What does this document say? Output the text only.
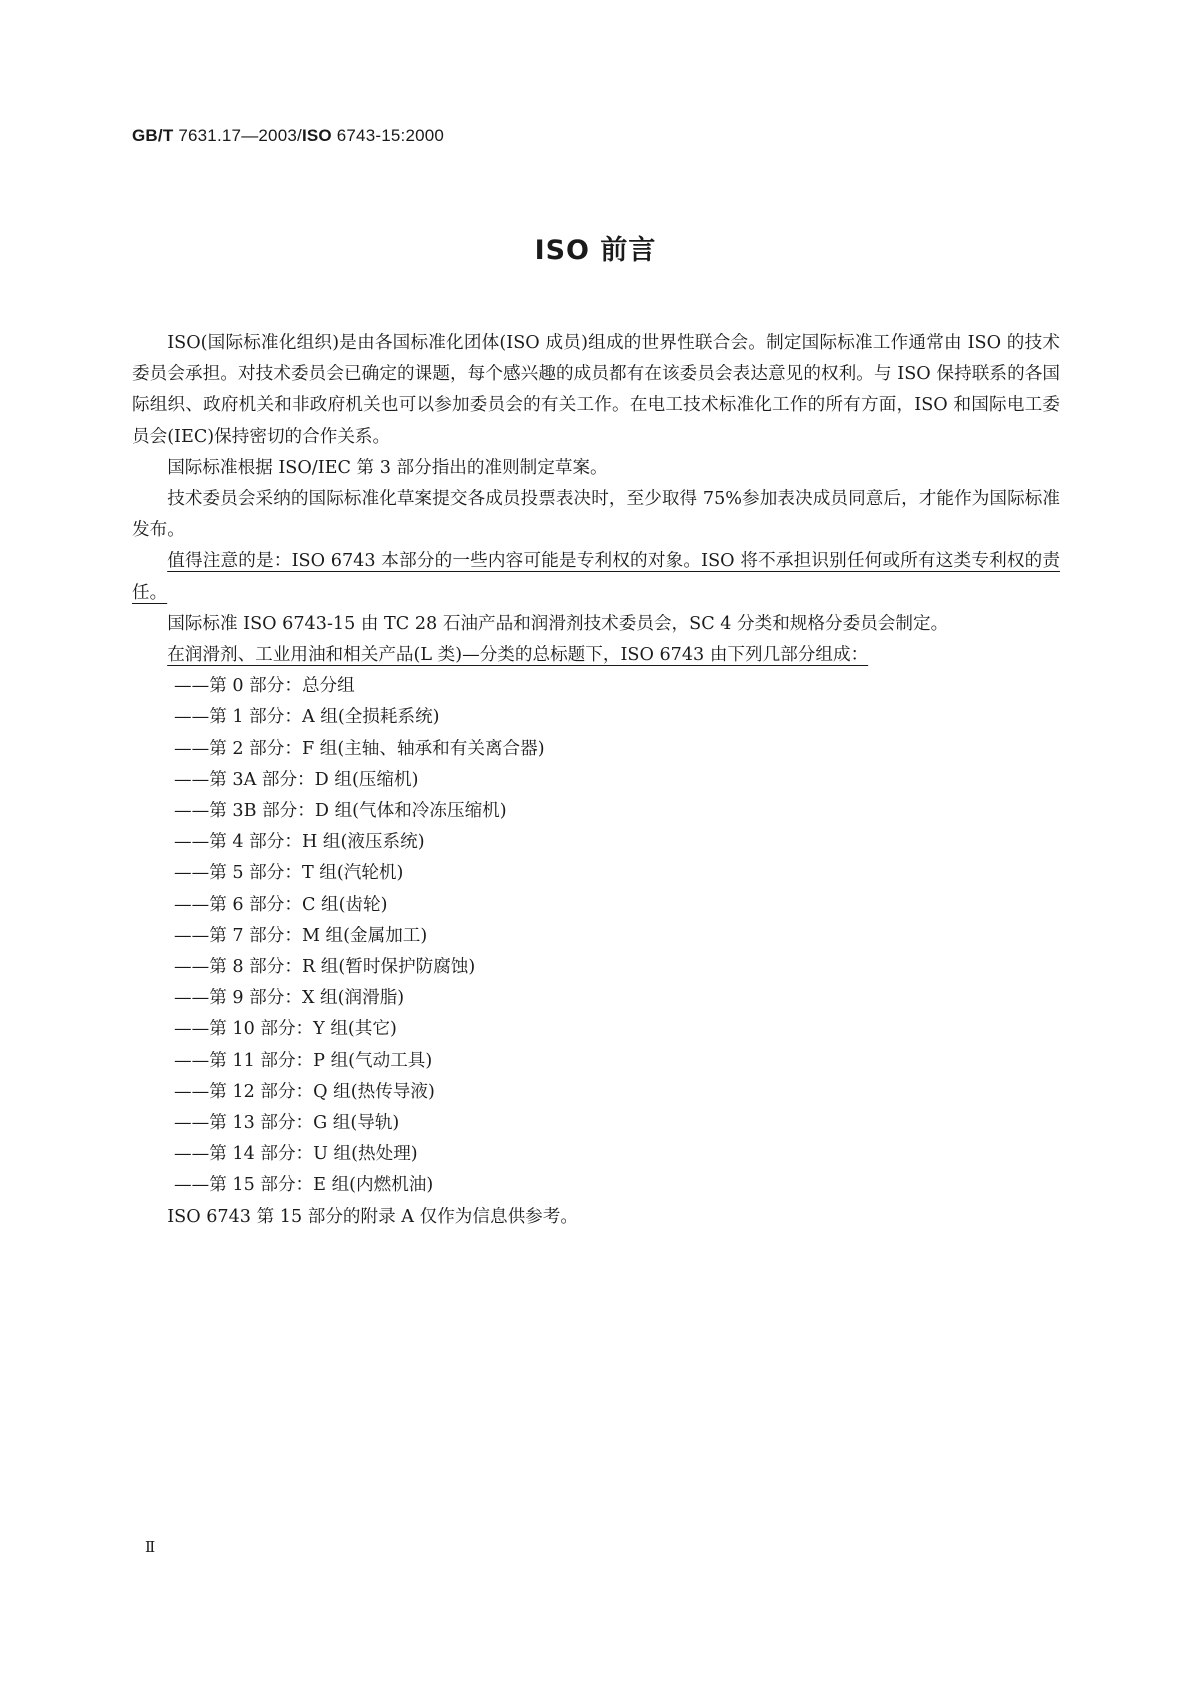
GB/T 7631.17—2003/ISO 6743-15:2000
ISO 前言

ISO(国际标准化组织)是由各国标准化团体(ISO 成员)组成的世界性联合会。制定国际标准工作通常由 ISO 的技术委员会承担。对技术委员会已确定的课题，每个感兴趣的成员都有在该委员会表达意见的权利。与 ISO 保持联系的各国际组织、政府机关和非政府机关也可以参加委员会的有关工作。在电工技术标准化工作的所有方面，ISO 和国际电工委员会(IEC)保持密切的合作关系。

国际标准根据 ISO/IEC 第 3 部分指出的准则制定草案。

技术委员会采纳的国际标准化草案提交各成员投票表决时，至少取得 75%参加表决成员同意后，才能作为国际标准发布。

值得注意的是：ISO 6743 本部分的一些内容可能是专利权的对象。ISO 将不承担识别任何或所有这类专利权的责任。

国际标准 ISO 6743-15 由 TC 28 石油产品和润滑剂技术委员会，SC 4 分类和规格分委员会制定。

在润滑剂、工业用油和相关产品(L 类)—分类的总标题下，ISO 6743 由下列几部分组成：

——第 0 部分：总分组

——第 1 部分：A 组(全损耗系统)

——第 2 部分：F 组(主轴、轴承和有关离合器)

——第 3A 部分：D 组(压缩机)

——第 3B 部分：D 组(气体和冷冻压缩机)

——第 4 部分：H 组(液压系统)

——第 5 部分：T 组(汽轮机)

——第 6 部分：C 组(齿轮)

——第 7 部分：M 组(金属加工)

——第 8 部分：R 组(暂时保护防腐蚀)

——第 9 部分：X 组(润滑脂)

——第 10 部分：Y 组(其它)

——第 11 部分：P 组(气动工具)

——第 12 部分：Q 组(热传导液)

——第 13 部分：G 组(导轨)

——第 14 部分：U 组(热处理)

——第 15 部分：E 组(内燃机油)

ISO 6743 第 15 部分的附录 A 仅作为信息供参考。

Ⅱ
